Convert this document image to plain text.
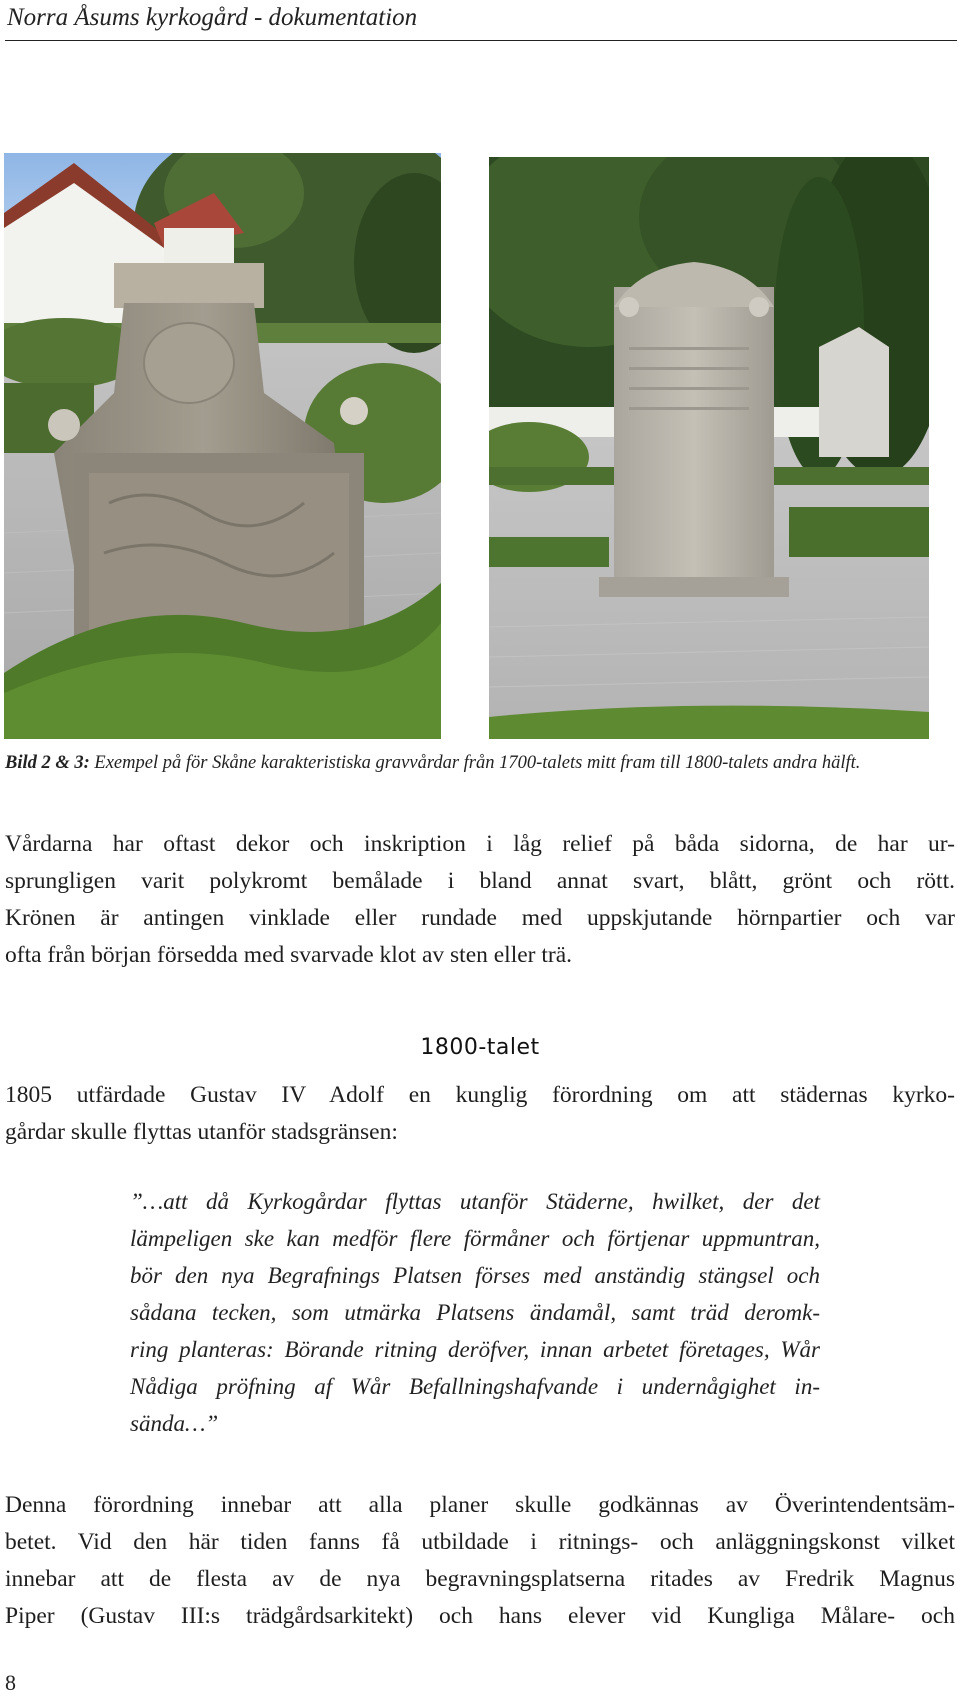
Norra Åsums kyrkogård - dokumentation
Bild 2 & 3: Exempel på för Skåne karakteristiska gravvårdar från 1700-talets mitt fram till 1800-talets andra hälft.
Vårdarna har oftast dekor och inskription i låg relief på båda sidorna, de har ur-
sprungligen varit polykromt bemålade i bland annat svart, blått, grönt och rött.
Krönen är antingen vinklade eller rundade med uppskjutande hörnpartier och var
ofta från början försedda med svarvade klot av sten eller trä.
1800-talet
1805 utfärdade Gustav IV Adolf en kunglig förordning om att städernas kyrko-
gårdar skulle flyttas utanför stadsgränsen:
”…att då Kyrkogårdar flyttas utanför Städerne, hwilket, der det
lämpeligen ske kan medför flere förmåner och förtjenar uppmuntran,
bör den nya Begrafnings Platsen förses med anständig stängsel och
sådana tecken, som utmärka Platsens ändamål, samt träd deromk-
ring planteras: Börande ritning deröfver, innan arbetet företages, Wår
Nådiga pröfning af Wår Befallningshafvande i undernågighet in-
sända…”
Denna förordning innebar att alla planer skulle godkännas av Överintendentsäm-
betet. Vid den här tiden fanns få utbildade i ritnings- och anläggningskonst vilket
innebar att de flesta av de nya begravningsplatserna ritades av Fredrik Magnus
Piper (Gustav III:s trädgårdsarkitekt) och hans elever vid Kungliga Målare- och
8
